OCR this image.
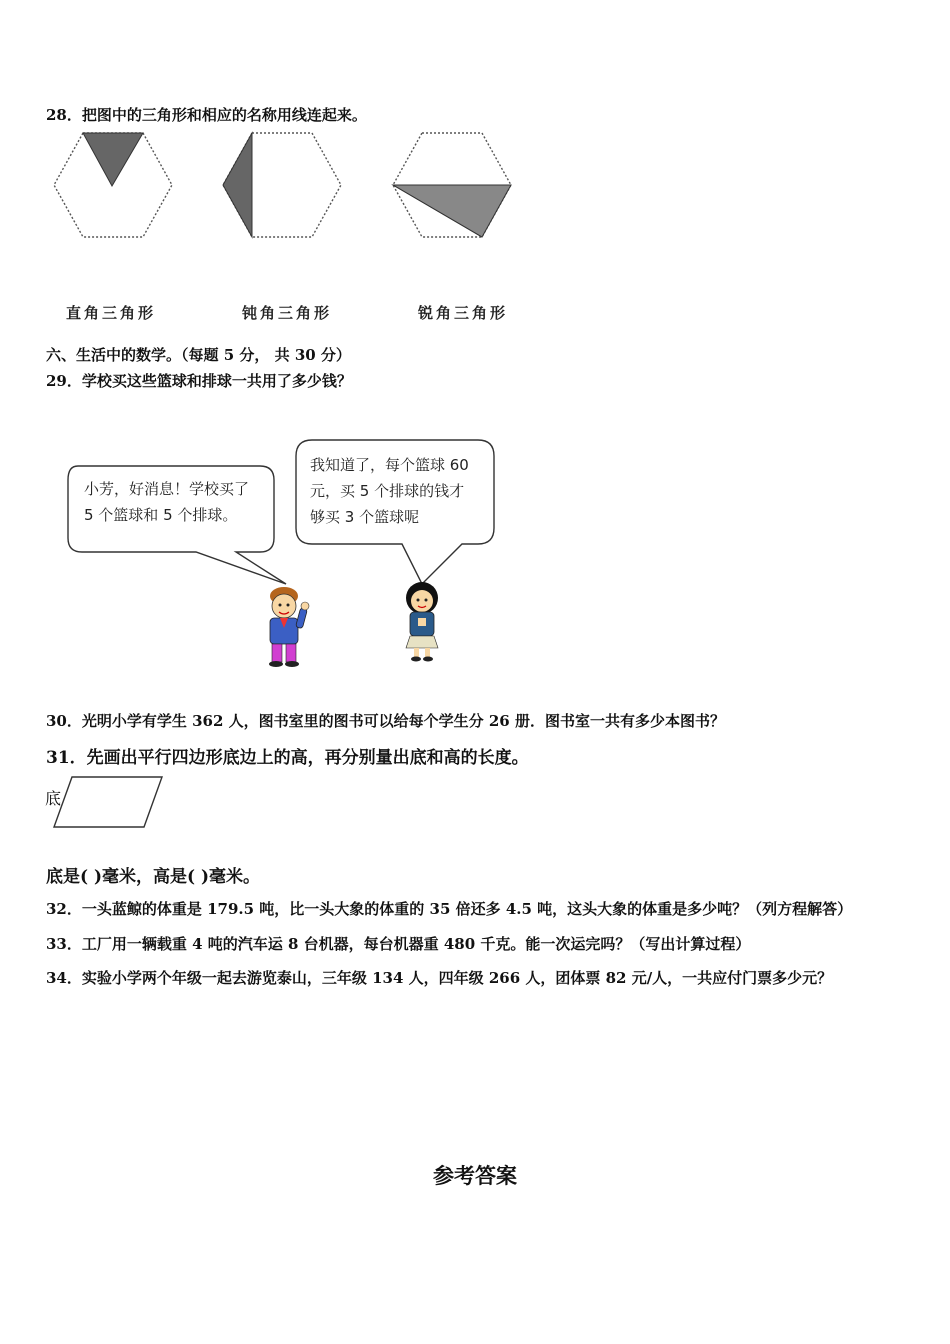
28．把图中的三角形和相应的名称用线连起来。
直角三角形	钝角三角形	锐角三角形
六、生活中的数学。（每题 5 分， 共 30 分）
29．学校买这些篮球和排球一共用了多少钱？
小芳，好消息！学校买了
5 个篮球和 5 个排球。
我知道了，每个篮球 60
元，买 5 个排球的钱才
够买 3 个篮球呢
30．光明小学有学生 362 人，图书室里的图书可以给每个学生分 26 册．图书室一共有多少本图书？
31．先画出平行四边形底边上的高，再分别量出底和高的长度。
底
底是( )毫米，高是( )毫米。
32．一头蓝鲸的体重是 179.5 吨，比一头大象的体重的 35 倍还多 4.5 吨，这头大象的体重是多少吨？（列方程解答）
33．工厂用一辆载重 4 吨的汽车运 8 台机器，每台机器重 480 千克。能一次运完吗？（写出计算过程）
34．实验小学两个年级一起去游览泰山，三年级 134 人，四年级 266 人，团体票 82 元/人，一共应付门票多少元？
参考答案
